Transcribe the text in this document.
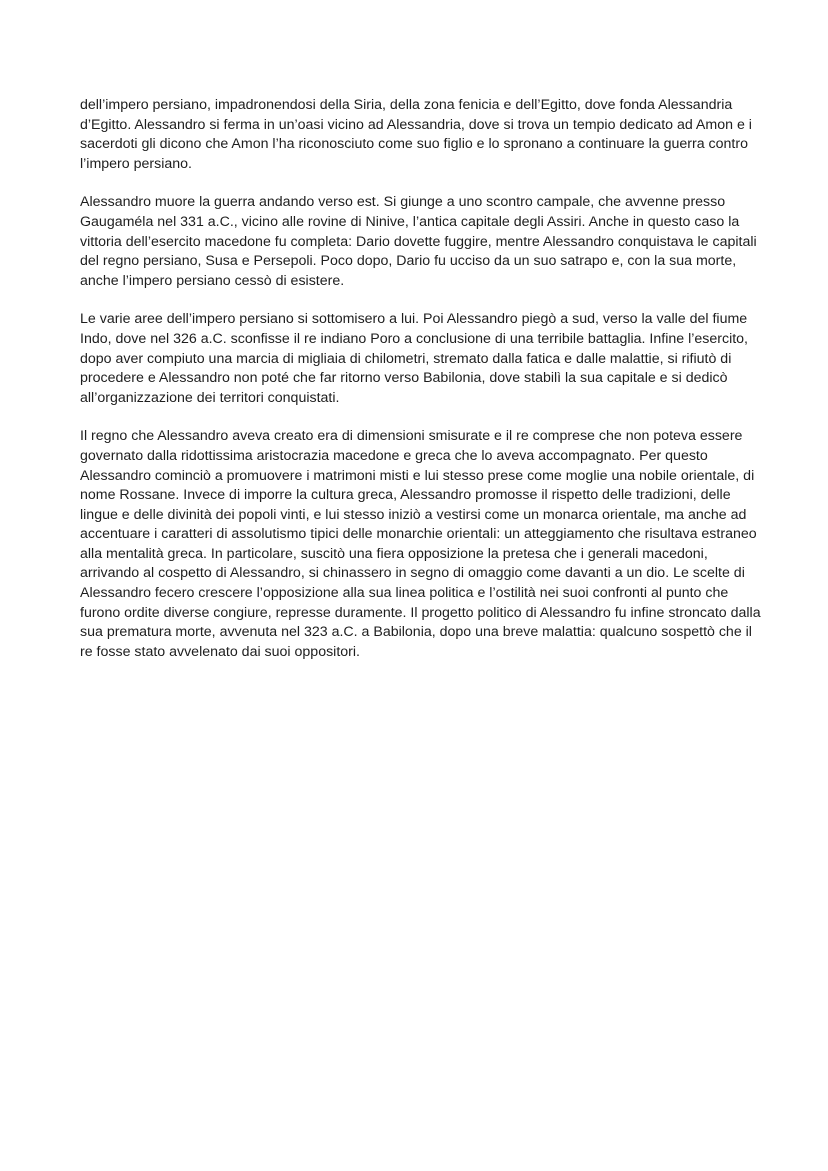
dell’impero persiano, impadronendosi della Siria, della zona fenicia e dell’Egitto, dove fonda Alessandria
d’Egitto. Alessandro si ferma in un’oasi vicino ad Alessandria, dove si trova un tempio dedicato ad Amon e i
sacerdoti gli dicono che Amon l’ha riconosciuto come suo figlio e lo spronano a continuare la guerra contro
l’impero persiano.

Alessandro muore la guerra andando verso est. Si giunge a uno scontro campale, che avvenne presso
Gaugaméla nel 331 a.C., vicino alle rovine di Ninive, l’antica capitale degli Assiri. Anche in questo caso la
vittoria dell’esercito macedone fu completa: Dario dovette fuggire, mentre Alessandro conquistava le capitali
del regno persiano, Susa e Persepoli. Poco dopo, Dario fu ucciso da un suo satrapo e, con la sua morte,
anche l’impero persiano cessò di esistere.

Le varie aree dell’impero persiano si sottomisero a lui. Poi Alessandro piegò a sud, verso la valle del fiume
Indo, dove nel 326 a.C. sconfisse il re indiano Poro a conclusione di una terribile battaglia. Infine l’esercito,
dopo aver compiuto una marcia di migliaia di chilometri, stremato dalla fatica e dalle malattie, si rifiutò di
procedere e Alessandro non poté che far ritorno verso Babilonia, dove stabilì la sua capitale e si dedicò
all’organizzazione dei territori conquistati.

Il regno che Alessandro aveva creato era di dimensioni smisurate e il re comprese che non poteva essere
governato dalla ridottissima aristocrazia macedone e greca che lo aveva accompagnato. Per questo
Alessandro cominciò a promuovere i matrimoni misti e lui stesso prese come moglie una nobile orientale, di
nome Rossane. Invece di imporre la cultura greca, Alessandro promosse il rispetto delle tradizioni, delle
lingue e delle divinità dei popoli vinti, e lui stesso iniziò a vestirsi come un monarca orientale, ma anche ad
accentuare i caratteri di assolutismo tipici delle monarchie orientali: un atteggiamento che risultava estraneo
alla mentalità greca. In particolare, suscitò una fiera opposizione la pretesa che i generali macedoni,
arrivando al cospetto di Alessandro, si chinassero in segno di omaggio come davanti a un dio. Le scelte di
Alessandro fecero crescere l’opposizione alla sua linea politica e l’ostilità nei suoi confronti al punto che
furono ordite diverse congiure, represse duramente. Il progetto politico di Alessandro fu infine stroncato dalla
sua prematura morte, avvenuta nel 323 a.C. a Babilonia, dopo una breve malattia: qualcuno sospettò che il
re fosse stato avvelenato dai suoi oppositori.
